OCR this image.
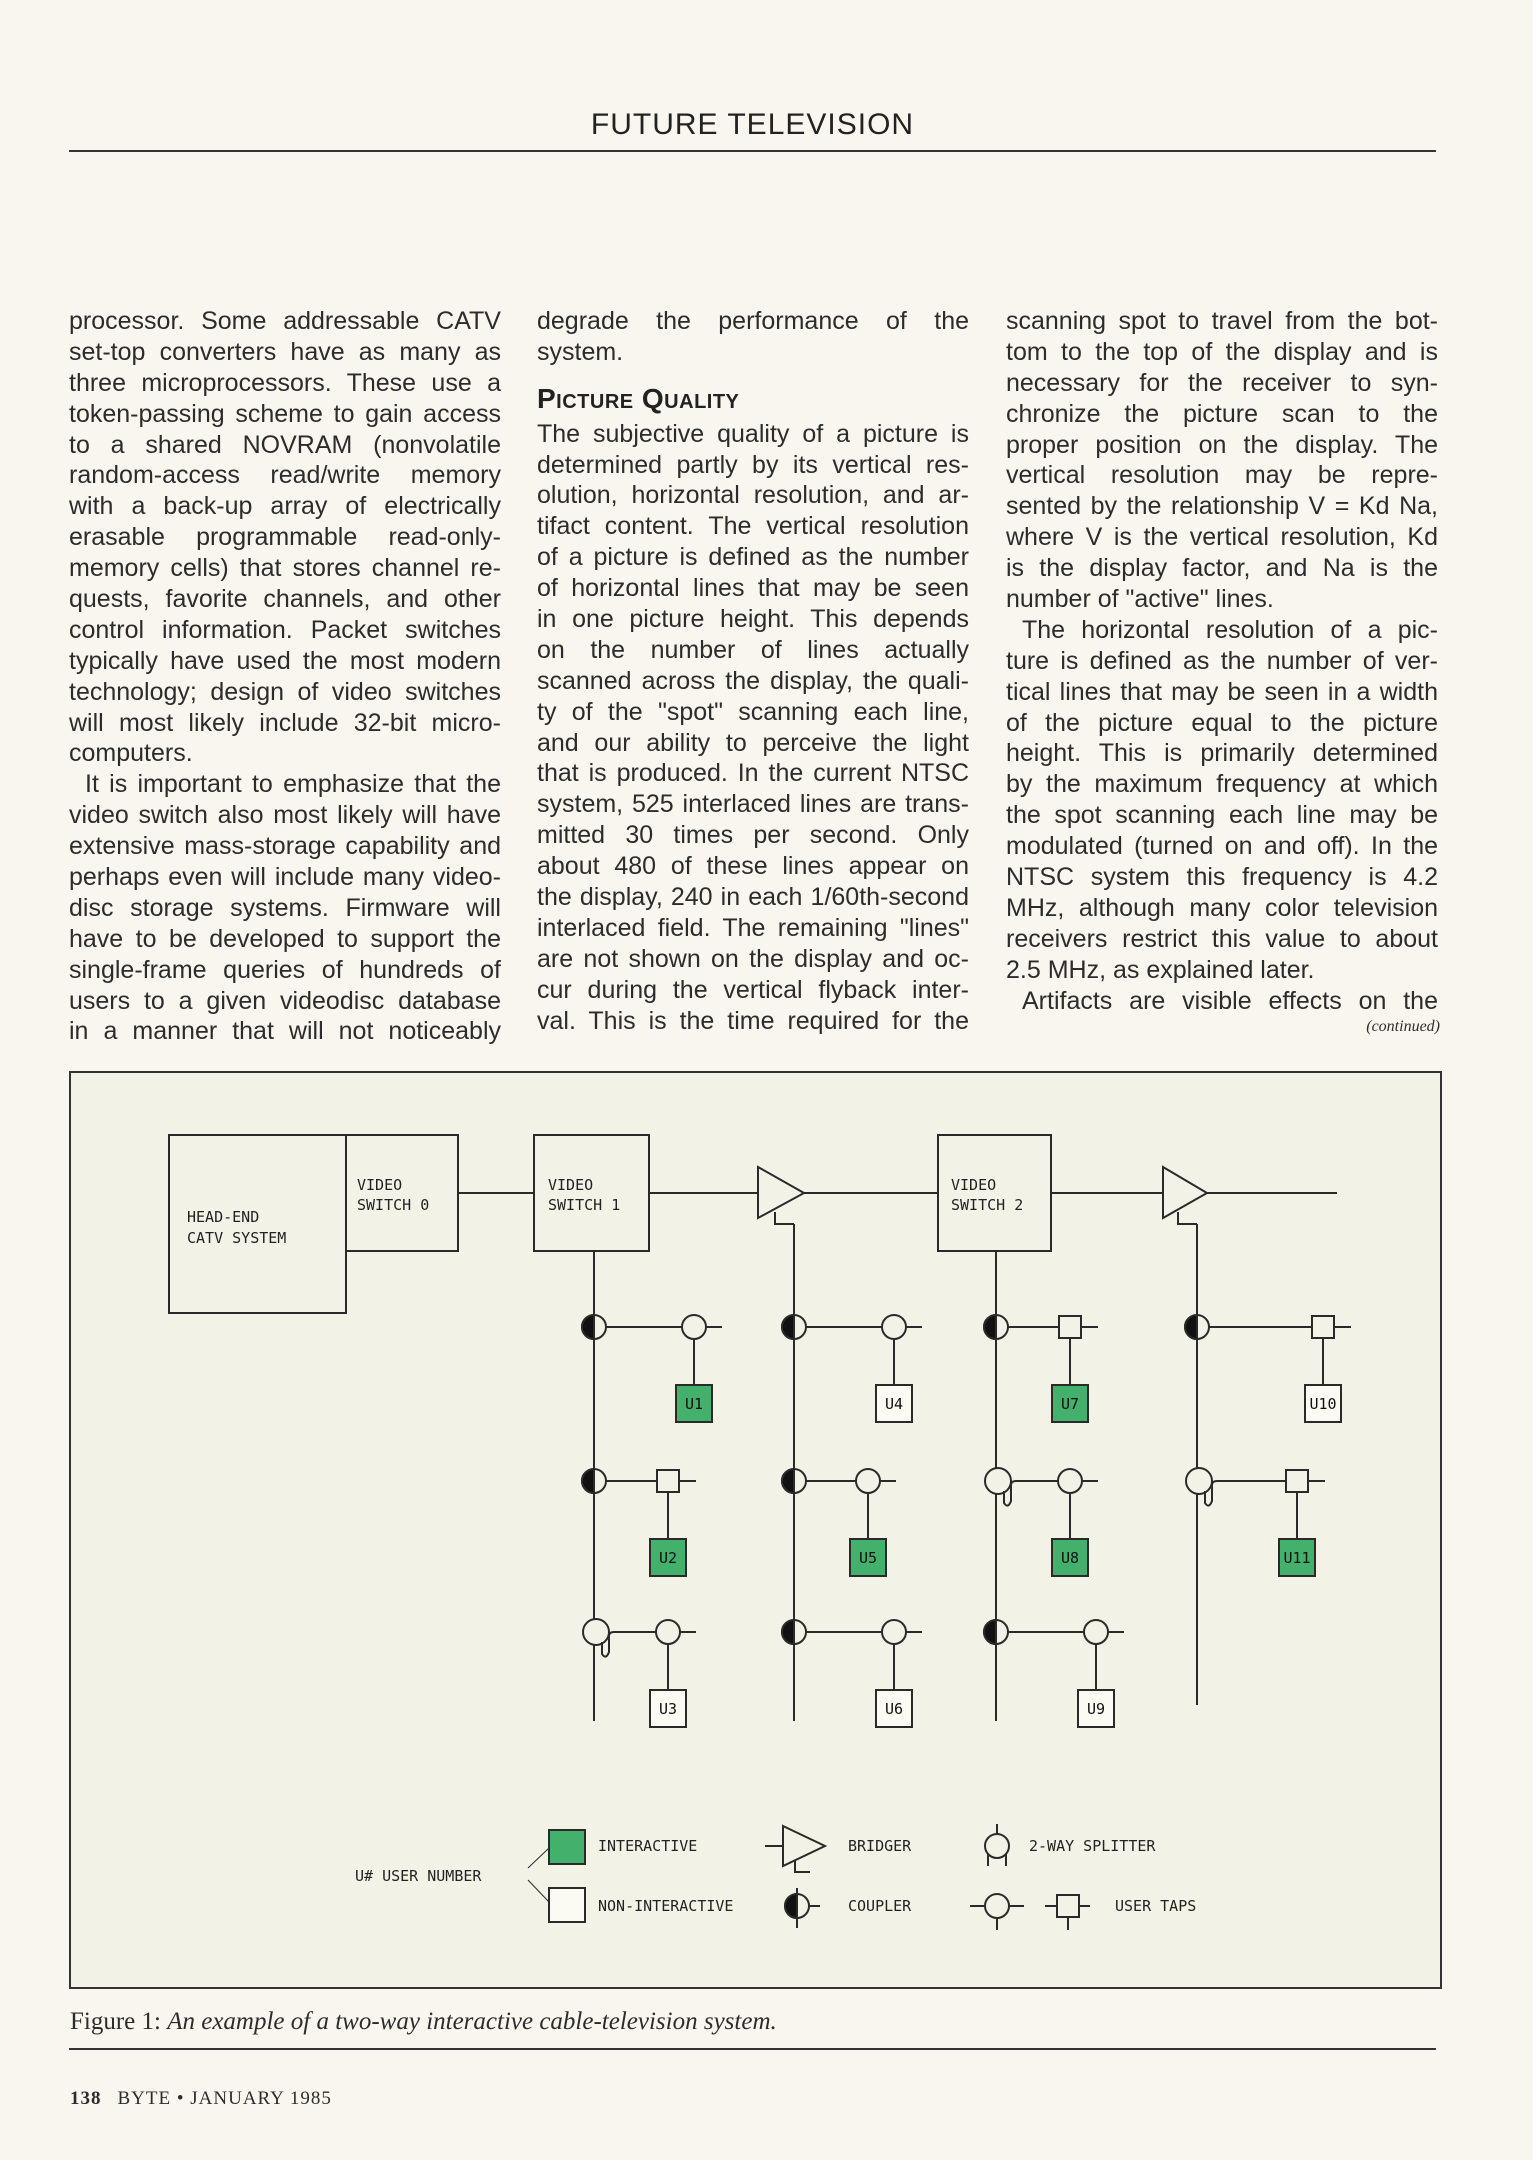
FUTURE TELEVISION
processor. Some addressable CATV
set-top converters have as many as
three microprocessors. These use a
token-passing scheme to gain access
to a shared NOVRAM (nonvolatile
random-access read/write memory
with a back-up array of electrically
erasable programmable read-only-
memory cells) that stores channel re-
quests, favorite channels, and other
control information. Packet switches
typically have used the most modern
technology; design of video switches
will most likely include 32-bit micro-
computers.
It is important to emphasize that the
video switch also most likely will have
extensive mass-storage capability and
perhaps even will include many video-
disc storage systems. Firmware will
have to be developed to support the
single-frame queries of hundreds of
users to a given videodisc database
in a manner that will not noticeably
degrade the performance of the
system.
Picture Quality
The subjective quality of a picture is
determined partly by its vertical res-
olution, horizontal resolution, and ar-
tifact content. The vertical resolution
of a picture is defined as the number
of horizontal lines that may be seen
in one picture height. This depends
on the number of lines actually
scanned across the display, the quali-
ty of the "spot" scanning each line,
and our ability to perceive the light
that is produced. In the current NTSC
system, 525 interlaced lines are trans-
mitted 30 times per second. Only
about 480 of these lines appear on
the display, 240 in each 1/60th-second
interlaced field. The remaining "lines"
are not shown on the display and oc-
cur during the vertical flyback inter-
val. This is the time required for the
scanning spot to travel from the bot-
tom to the top of the display and is
necessary for the receiver to syn-
chronize the picture scan to the
proper position on the display. The
vertical resolution may be repre-
sented by the relationship V = Kd Na,
where V is the vertical resolution, Kd
is the display factor, and Na is the
number of "active" lines.
The horizontal resolution of a pic-
ture is defined as the number of ver-
tical lines that may be seen in a width
of the picture equal to the picture
height. This is primarily determined
by the maximum frequency at which
the spot scanning each line may be
modulated (turned on and off). In the
NTSC system this frequency is 4.2
MHz, although many color television
receivers restrict this value to about
2.5 MHz, as explained later.
Artifacts are visible effects on the
(continued)
HEAD-END
CATV SYSTEM
VIDEO
SWITCH 0
VIDEO
SWITCH 1
VIDEO
SWITCH 2
U1
U2
U3
U4
U5
U6
U7
U8
U9
U10
U11
U# USER NUMBER
INTERACTIVE
NON-INTERACTIVE
BRIDGER
COUPLER
2-WAY SPLITTER
USER TAPS
Figure 1: An example of a two-way interactive cable-television system.
138 BYTE • JANUARY 1985
